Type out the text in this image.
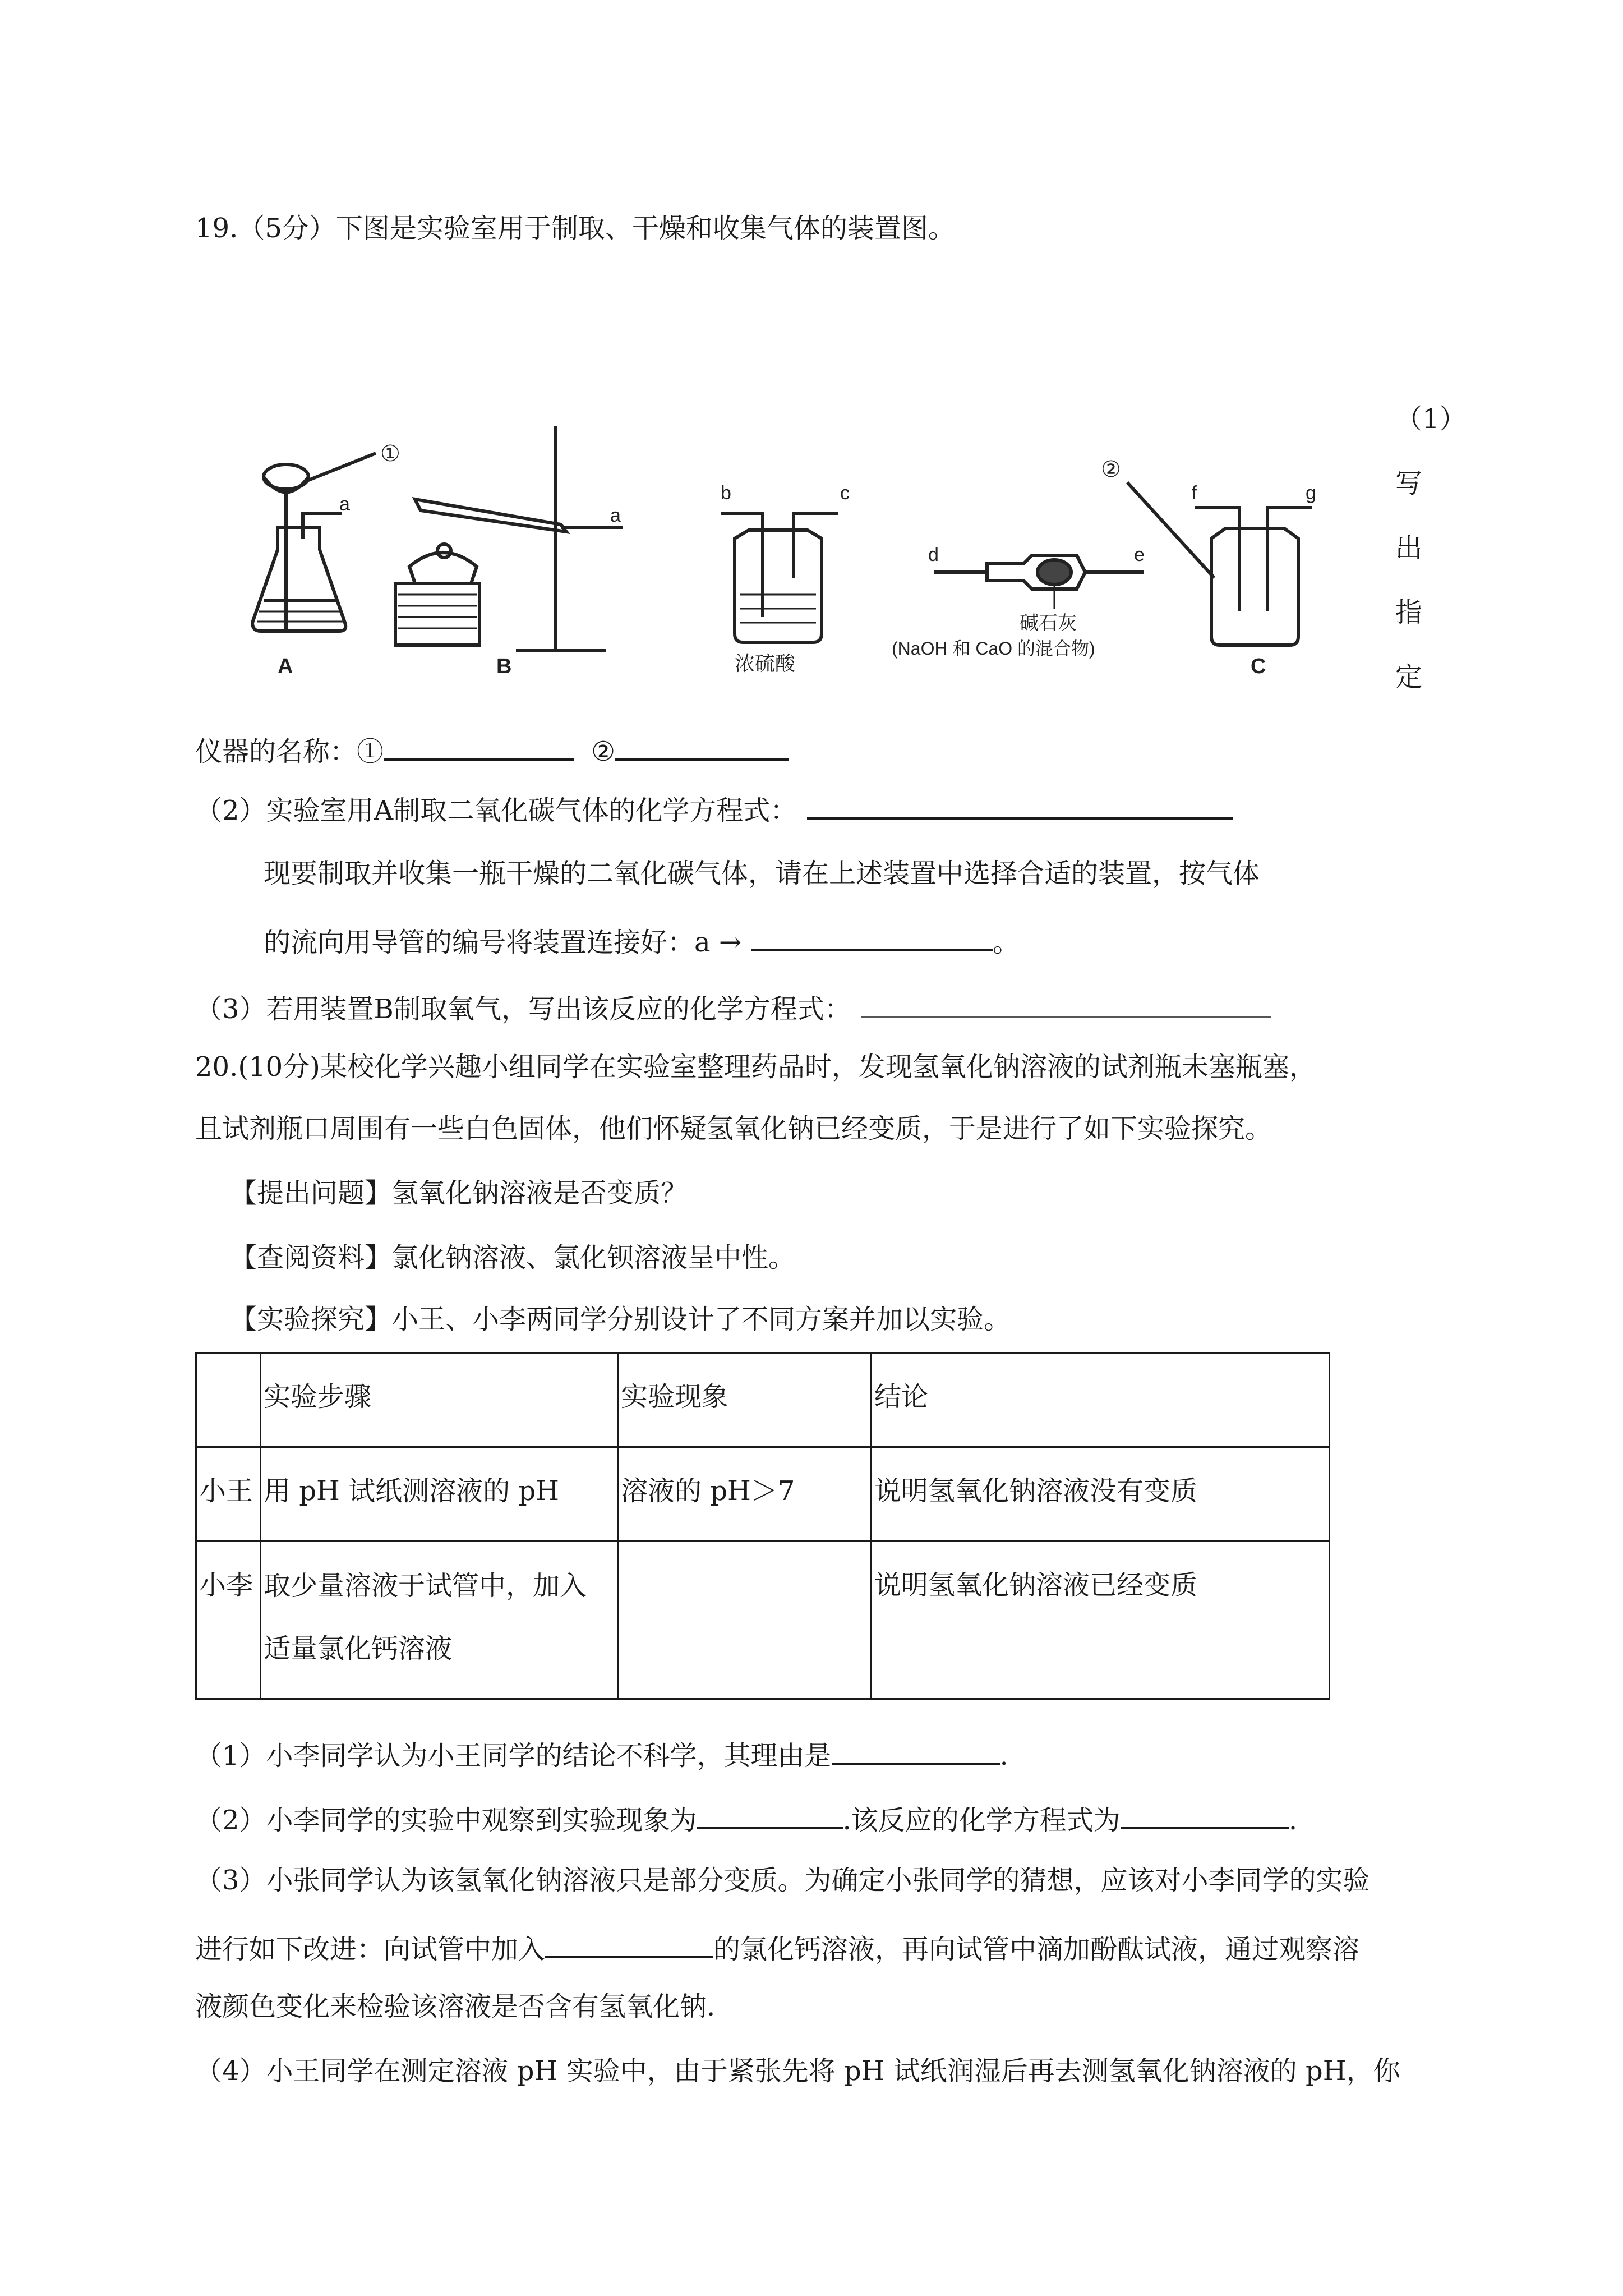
19.（5分）下图是实验室用于制取、干燥和收集气体的装置图。
①
a
A
a
B
b	c
浓硫酸
d	e
碱石灰
(NaOH 和 CaO 的混合物)
②
f	g
C
（1）
写
出
指
定
仪器的名称：①	②
（2）实验室用A制取二氧化碳气体的化学方程式：
现要制取并收集一瓶干燥的二氧化碳气体，请在上述装置中选择合适的装置，按气体
的流向用导管的编号将装置连接好：a →	。
（3）若用装置B制取氧气，写出该反应的化学方程式：
20.(10分)某校化学兴趣小组同学在实验室整理药品时，发现氢氧化钠溶液的试剂瓶未塞瓶塞，
且试剂瓶口周围有一些白色固体，他们怀疑氢氧化钠已经变质，于是进行了如下实验探究。
【提出问题】氢氧化钠溶液是否变质？
【查阅资料】氯化钠溶液、氯化钡溶液呈中性。
【实验探究】小王、小李两同学分别设计了不同方案并加以实验。
	实验步骤	实验现象	结论
小王	用 pH 试纸测溶液的 pH	溶液的 pH＞7	说明氢氧化钠溶液没有变质
小李	取少量溶液于试管中，加入
适量氯化钙溶液		说明氢氧化钠溶液已经变质
（1）小李同学认为小王同学的结论不科学，其理由是	.
（2）小李同学的实验中观察到实验现象为	.该反应的化学方程式为	.
（3）小张同学认为该氢氧化钠溶液只是部分变质。为确定小张同学的猜想，应该对小李同学的实验
进行如下改进：向试管中加入	的氯化钙溶液，再向试管中滴加酚酞试液，通过观察溶
液颜色变化来检验该溶液是否含有氢氧化钠.
（4）小王同学在测定溶液 pH 实验中，由于紧张先将 pH 试纸润湿后再去测氢氧化钠溶液的 pH，你
